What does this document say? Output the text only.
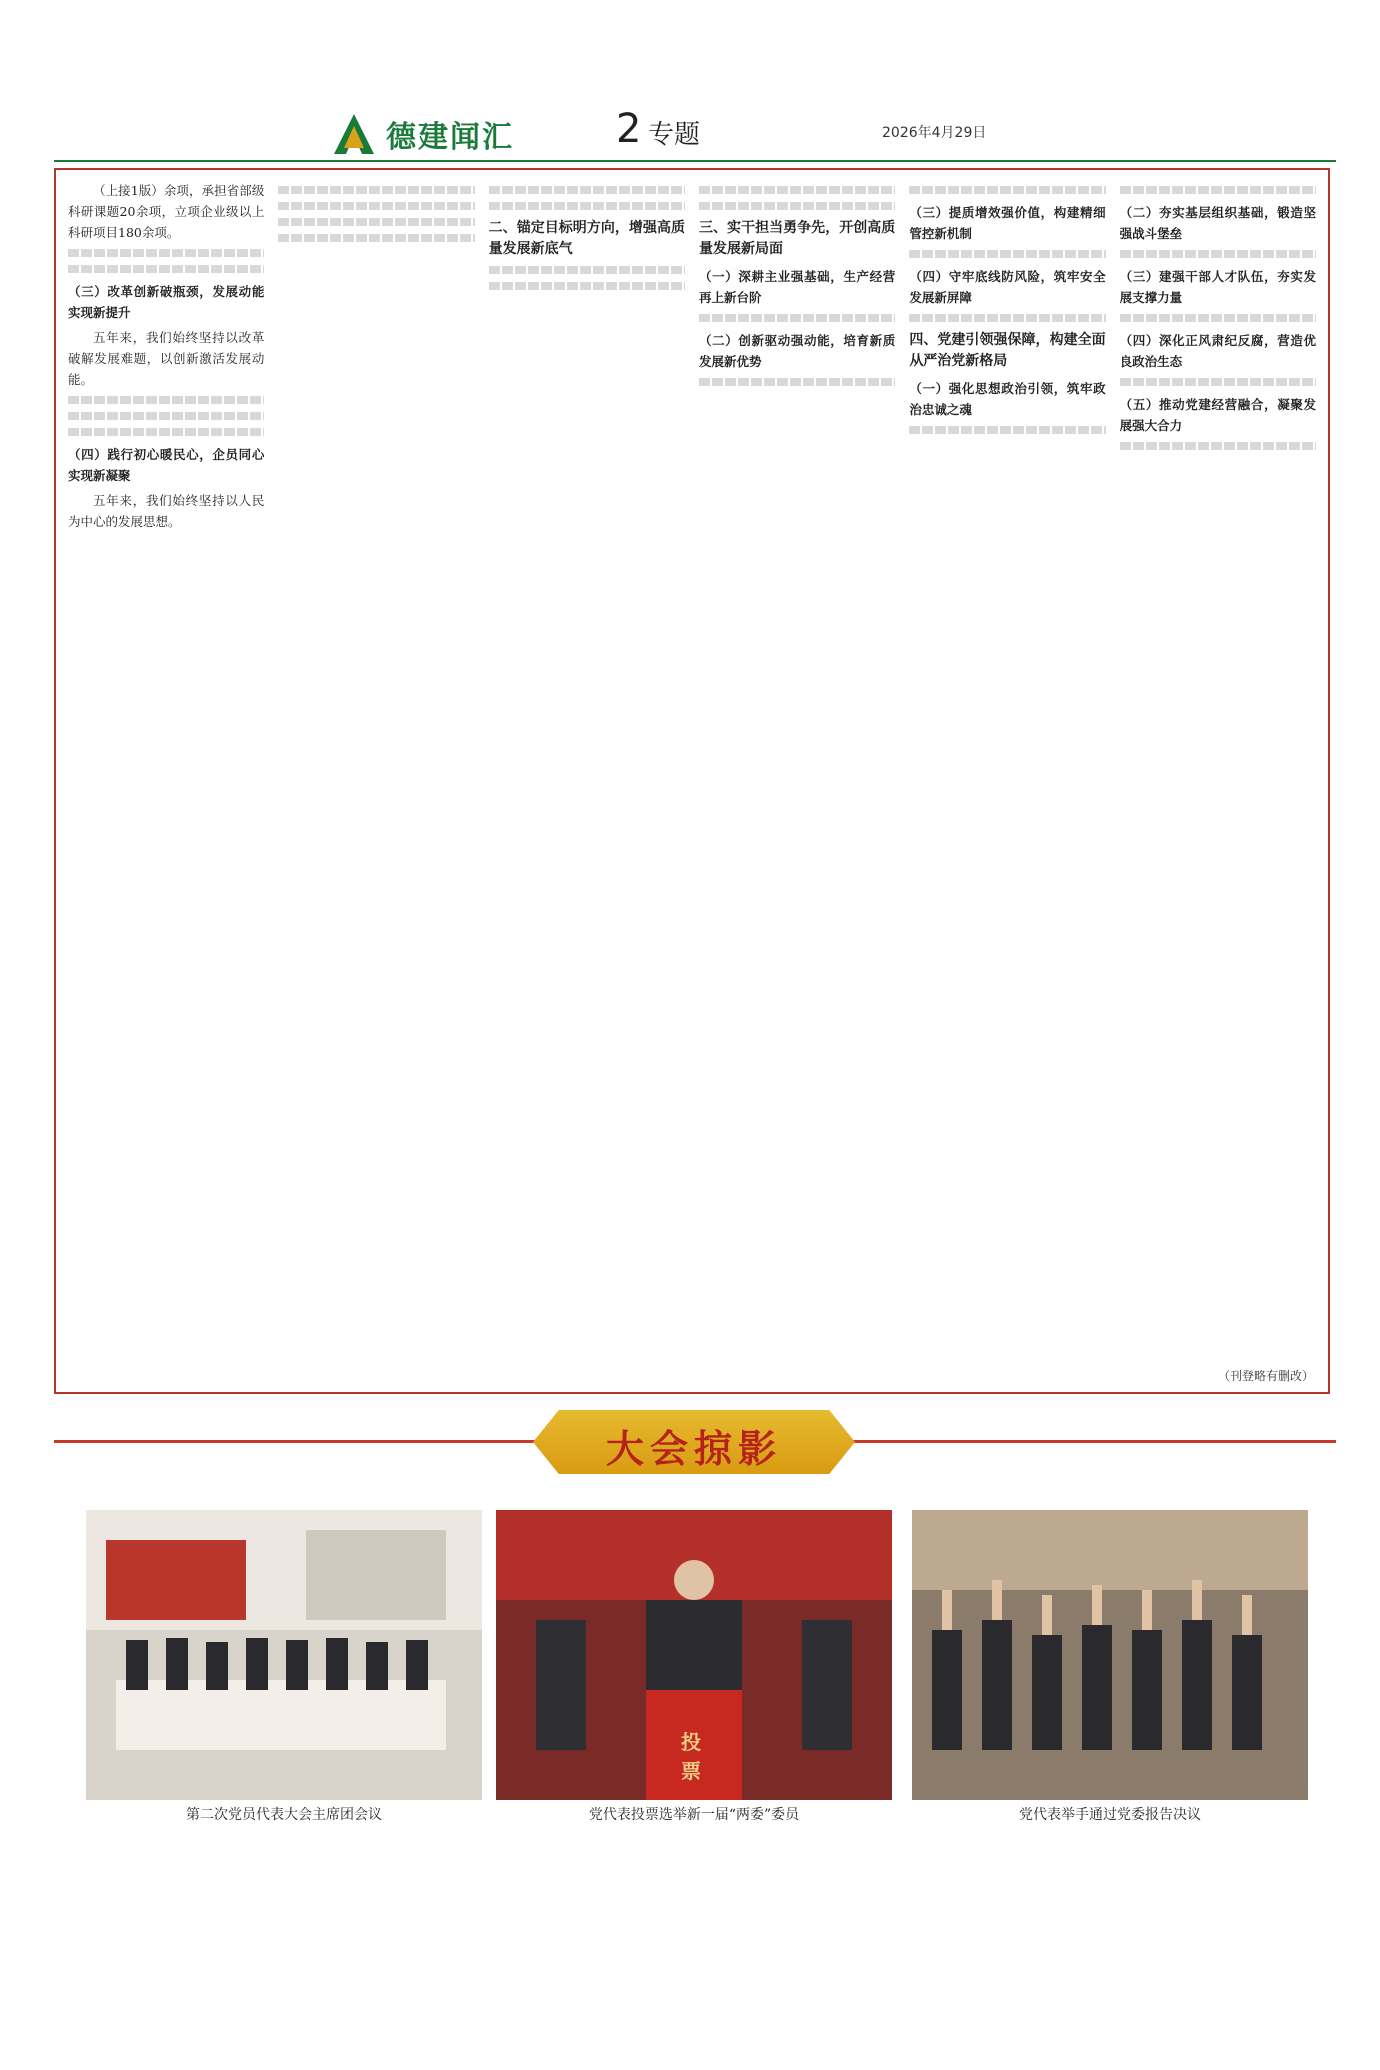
德建闻汇	2 专题	2026年4月29日

（上接1版）余项，承担省部级科研课题20余项，立项企业级以上科研项目180余项。

（三）改革创新破瓶颈，发展动能实现新提升

五年来，我们始终坚持以改革破解发展难题，以创新激活发展动能。

（四）践行初心暖民心，企员同心实现新凝聚

五年来，我们始终坚持以人民为中心的发展思想。

二、锚定目标明方向，增强高质量发展新底气
三、实干担当勇争先，开创高质量发展新局面
（一）深耕主业强基础，生产经营再上新台阶
（二）创新驱动强动能，培育新质发展新优势
（三）提质增效强价值，构建精细管控新机制
（四）守牢底线防风险，筑牢安全发展新屏障
四、党建引领强保障，构建全面从严治党新格局
（一）强化思想政治引领，筑牢政治忠诚之魂
（二）夯实基层组织基础，锻造坚强战斗堡垒
（三）建强干部人才队伍，夯实发展支撑力量
（四）深化正风肃纪反腐，营造优良政治生态
（五）推动党建经营融合，凝聚发展强大合力
（刊登略有删改）
大会掠影
第二次党员代表大会主席团会议
投票
党代表投票选举新一届“两委”委员	党代表举手通过党委报告决议
